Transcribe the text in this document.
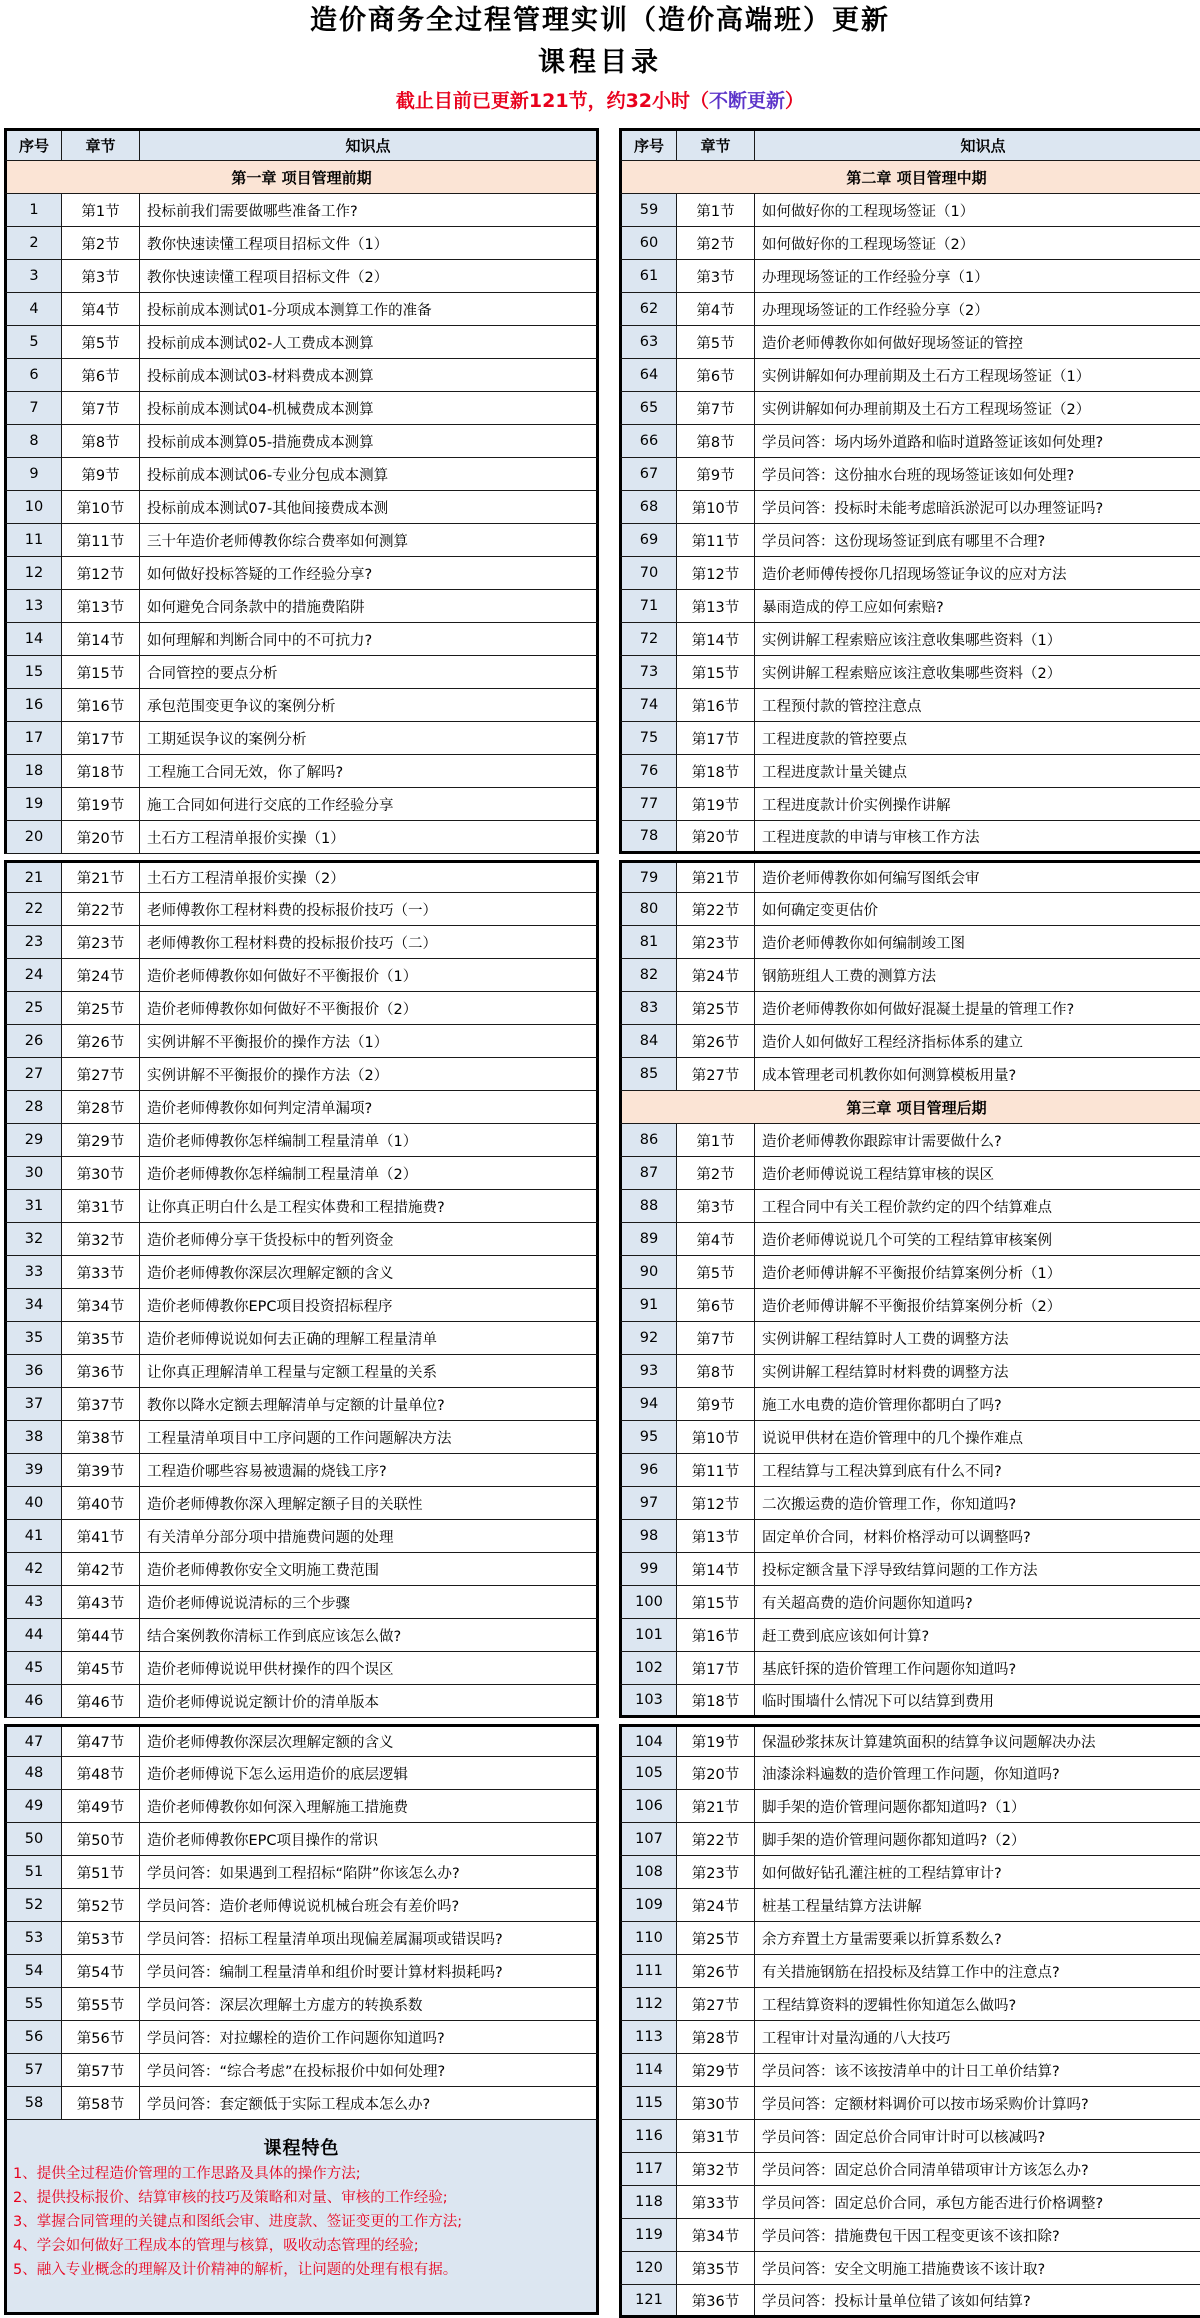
造价商务全过程管理实训（造价高端班）更新
课程目录
截止目前已更新121节，约32小时（不断更新）
序号	章节	知识点
第一章 项目管理前期
1	第1节	投标前我们需要做哪些准备工作?
2	第2节	教你快速读懂工程项目招标文件（1）
3	第3节	教你快速读懂工程项目招标文件（2）
4	第4节	投标前成本测试01-分项成本测算工作的准备
5	第5节	投标前成本测试02-人工费成本测算
6	第6节	投标前成本测试03-材料费成本测算
7	第7节	投标前成本测试04-机械费成本测算
8	第8节	投标前成本测算05-措施费成本测算
9	第9节	投标前成本测试06-专业分包成本测算
10	第10节	投标前成本测试07-其他间接费成本测
11	第11节	三十年造价老师傅教你综合费率如何测算
12	第12节	如何做好投标答疑的工作经验分享?
13	第13节	如何避免合同条款中的措施费陷阱
14	第14节	如何理解和判断合同中的不可抗力?
15	第15节	合同管控的要点分析
16	第16节	承包范围变更争议的案例分析
17	第17节	工期延误争议的案例分析
18	第18节	工程施工合同无效，你了解吗?
19	第19节	施工合同如何进行交底的工作经验分享
20	第20节	土石方工程清单报价实操（1）
21	第21节	土石方工程清单报价实操（2）
22	第22节	老师傅教你工程材料费的投标报价技巧（一）
23	第23节	老师傅教你工程材料费的投标报价技巧（二）
24	第24节	造价老师傅教你如何做好不平衡报价（1）
25	第25节	造价老师傅教你如何做好不平衡报价（2）
26	第26节	实例讲解不平衡报价的操作方法（1）
27	第27节	实例讲解不平衡报价的操作方法（2）
28	第28节	造价老师傅教你如何判定清单漏项?
29	第29节	造价老师傅教你怎样编制工程量清单（1）
30	第30节	造价老师傅教你怎样编制工程量清单（2）
31	第31节	让你真正明白什么是工程实体费和工程措施费?
32	第32节	造价老师傅分享干货投标中的暂列资金
33	第33节	造价老师傅教你深层次理解定额的含义
34	第34节	造价老师傅教你EPC项目投资招标程序
35	第35节	造价老师傅说说如何去正确的理解工程量清单
36	第36节	让你真正理解清单工程量与定额工程量的关系
37	第37节	教你以降水定额去理解清单与定额的计量单位?
38	第38节	工程量清单项目中工序问题的工作问题解决方法
39	第39节	工程造价哪些容易被遗漏的烧钱工序?
40	第40节	造价老师傅教你深入理解定额子目的关联性
41	第41节	有关清单分部分项中措施费问题的处理
42	第42节	造价老师傅教你安全文明施工费范围
43	第43节	造价老师傅说说清标的三个步骤
44	第44节	结合案例教你清标工作到底应该怎么做?
45	第45节	造价老师傅说说甲供材操作的四个误区
46	第46节	造价老师傅说说定额计价的清单版本
47	第47节	造价老师傅教你深层次理解定额的含义
48	第48节	造价老师傅说下怎么运用造价的底层逻辑
49	第49节	造价老师傅教你如何深入理解施工措施费
50	第50节	造价老师傅教你EPC项目操作的常识
51	第51节	学员问答：如果遇到工程招标“陷阱”你该怎么办?
52	第52节	学员问答：造价老师傅说说机械台班会有差价吗?
53	第53节	学员问答：招标工程量清单项出现偏差属漏项或错误吗?
54	第54节	学员问答：编制工程量清单和组价时要计算材料损耗吗?
55	第55节	学员问答：深层次理解土方虚方的转换系数
56	第56节	学员问答：对拉螺栓的造价工作问题你知道吗?
57	第57节	学员问答：“综合考虑”在投标报价中如何处理?
58	第58节	学员问答：套定额低于实际工程成本怎么办?
课程特色
1、提供全过程造价管理的工作思路及具体的操作方法;
2、提供投标报价、结算审核的技巧及策略和对量、审核的工作经验;
3、掌握合同管理的关键点和图纸会审、进度款、签证变更的工作方法;
4、学会如何做好工程成本的管理与核算，吸收动态管理的经验;
5、融入专业概念的理解及计价精神的解析，让问题的处理有根有据。
序号	章节	知识点
第二章 项目管理中期
59	第1节	如何做好你的工程现场签证（1）
60	第2节	如何做好你的工程现场签证（2）
61	第3节	办理现场签证的工作经验分享（1）
62	第4节	办理现场签证的工作经验分享（2）
63	第5节	造价老师傅教你如何做好现场签证的管控
64	第6节	实例讲解如何办理前期及土石方工程现场签证（1）
65	第7节	实例讲解如何办理前期及土石方工程现场签证（2）
66	第8节	学员问答：场内场外道路和临时道路签证该如何处理?
67	第9节	学员问答：这份抽水台班的现场签证该如何处理?
68	第10节	学员问答：投标时未能考虑暗浜淤泥可以办理签证吗?
69	第11节	学员问答：这份现场签证到底有哪里不合理?
70	第12节	造价老师傅传授你几招现场签证争议的应对方法
71	第13节	暴雨造成的停工应如何索赔?
72	第14节	实例讲解工程索赔应该注意收集哪些资料（1）
73	第15节	实例讲解工程索赔应该注意收集哪些资料（2）
74	第16节	工程预付款的管控注意点
75	第17节	工程进度款的管控要点
76	第18节	工程进度款计量关键点
77	第19节	工程进度款计价实例操作讲解
78	第20节	工程进度款的申请与审核工作方法
79	第21节	造价老师傅教你如何编写图纸会审
80	第22节	如何确定变更估价
81	第23节	造价老师傅教你如何编制竣工图
82	第24节	钢筋班组人工费的测算方法
83	第25节	造价老师傅教你如何做好混凝土提量的管理工作?
84	第26节	造价人如何做好工程经济指标体系的建立
85	第27节	成本管理老司机教你如何测算模板用量?
第三章 项目管理后期
86	第1节	造价老师傅教你跟踪审计需要做什么?
87	第2节	造价老师傅说说工程结算审核的误区
88	第3节	工程合同中有关工程价款约定的四个结算难点
89	第4节	造价老师傅说说几个可笑的工程结算审核案例
90	第5节	造价老师傅讲解不平衡报价结算案例分析（1）
91	第6节	造价老师傅讲解不平衡报价结算案例分析（2）
92	第7节	实例讲解工程结算时人工费的调整方法
93	第8节	实例讲解工程结算时材料费的调整方法
94	第9节	施工水电费的造价管理你都明白了吗?
95	第10节	说说甲供材在造价管理中的几个操作难点
96	第11节	工程结算与工程决算到底有什么不同?
97	第12节	二次搬运费的造价管理工作，你知道吗?
98	第13节	固定单价合同，材料价格浮动可以调整吗?
99	第14节	投标定额含量下浮导致结算问题的工作方法
100	第15节	有关超高费的造价问题你知道吗?
101	第16节	赶工费到底应该如何计算?
102	第17节	基底钎探的造价管理工作问题你知道吗?
103	第18节	临时围墙什么情况下可以结算到费用
104	第19节	保温砂浆抹灰计算建筑面积的结算争议问题解决办法
105	第20节	油漆涂料遍数的造价管理工作问题，你知道吗?
106	第21节	脚手架的造价管理问题你都知道吗?（1）
107	第22节	脚手架的造价管理问题你都知道吗?（2）
108	第23节	如何做好钻孔灌注桩的工程结算审计?
109	第24节	桩基工程量结算方法讲解
110	第25节	余方弃置土方量需要乘以折算系数么?
111	第26节	有关措施钢筋在招投标及结算工作中的注意点?
112	第27节	工程结算资料的逻辑性你知道怎么做吗?
113	第28节	工程审计对量沟通的八大技巧
114	第29节	学员问答：该不该按清单中的计日工单价结算?
115	第30节	学员问答：定额材料调价可以按市场采购价计算吗?
116	第31节	学员问答：固定总价合同审计时可以核减吗?
117	第32节	学员问答：固定总价合同清单错项审计方该怎么办?
118	第33节	学员问答：固定总价合同，承包方能否进行价格调整?
119	第34节	学员问答：措施费包干因工程变更该不该扣除?
120	第35节	学员问答：安全文明施工措施费该不该计取?
121	第36节	学员问答：投标计量单位错了该如何结算?
